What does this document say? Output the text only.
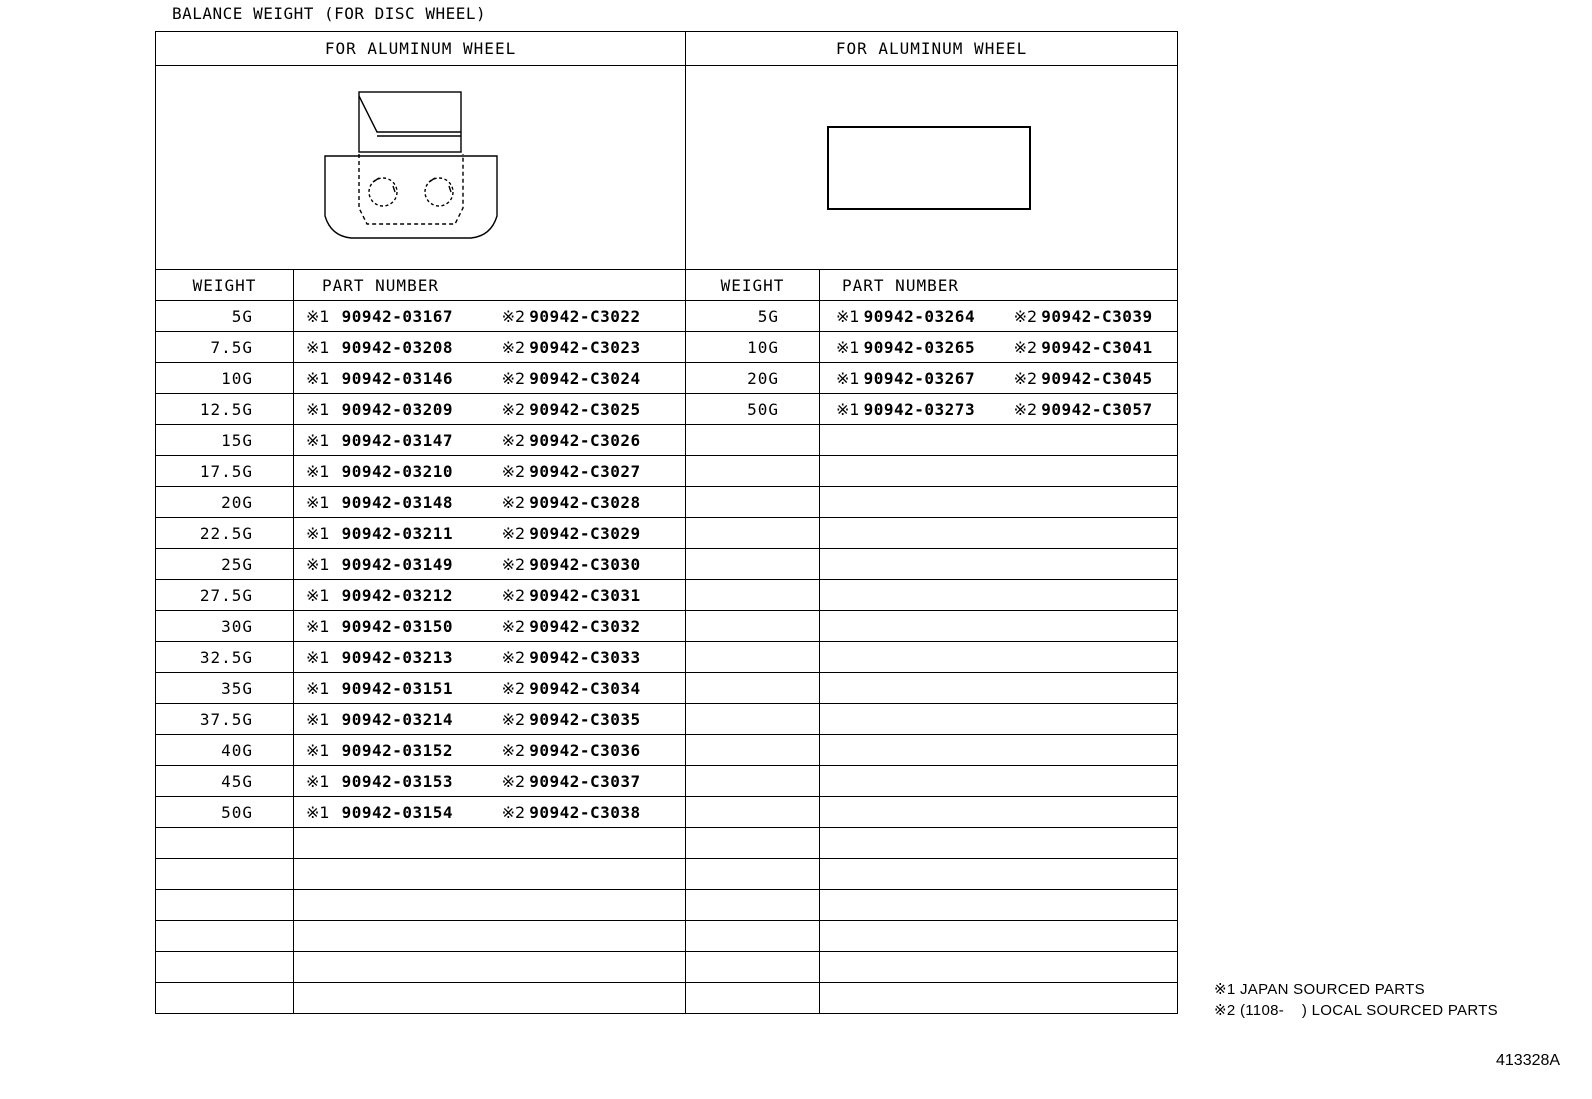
BALANCE WEIGHT (FOR DISC WHEEL)
FOR ALUMINUM WHEEL		FOR ALUMINUM WHEEL	

WEIGHT	PART NUMBER	WEIGHT	PART NUMBER
5G	※1 90942-03167 ※2 90942-C3022	5G	※1 90942-03264 ※2 90942-C3039
7.5G	※1 90942-03208 ※2 90942-C3023	10G	※1 90942-03265 ※2 90942-C3041
10G	※1 90942-03146 ※2 90942-C3024	20G	※1 90942-03267 ※2 90942-C3045
12.5G	※1 90942-03209 ※2 90942-C3025	50G	※1 90942-03273 ※2 90942-C3057
15G	※1 90942-03147 ※2 90942-C3026		
17.5G	※1 90942-03210 ※2 90942-C3027		
20G	※1 90942-03148 ※2 90942-C3028		
22.5G	※1 90942-03211 ※2 90942-C3029		
25G	※1 90942-03149 ※2 90942-C3030		
27.5G	※1 90942-03212 ※2 90942-C3031		
30G	※1 90942-03150 ※2 90942-C3032		
32.5G	※1 90942-03213 ※2 90942-C3033		
35G	※1 90942-03151 ※2 90942-C3034		
37.5G	※1 90942-03214 ※2 90942-C3035		
40G	※1 90942-03152 ※2 90942-C3036		
45G	※1 90942-03153 ※2 90942-C3037		
50G	※1 90942-03154 ※2 90942-C3038		

※1 JAPAN SOURCED PARTS
※2 (1108-    ) LOCAL SOURCED PARTS
413328A
